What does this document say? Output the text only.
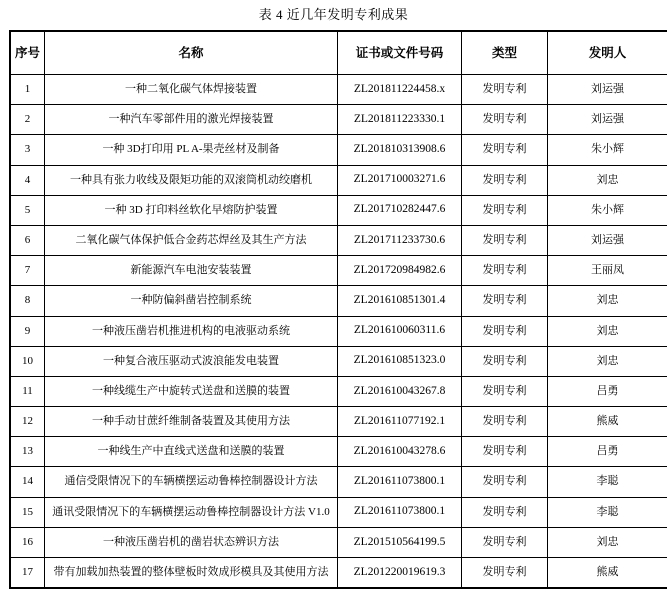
表 4 近几年发明专利成果
序号	名称	证书或文件号码	类型	发明人
1	一种二氧化碳气体焊接装置	ZL201811224458.x	发明专利	刘运强
2	一种汽车零部件用的激光焊接装置	ZL201811223330.1	发明专利	刘运强
3	一种 3D打印用 PL A-果壳丝材及制备	ZL201810313908.6	发明专利	朱小辉
4	一种具有张力收线及限矩功能的双滚筒机动绞磨机	ZL201710003271.6	发明专利	刘忠
5	一种 3D 打印料丝软化早熔防护装置	ZL201710282447.6	发明专利	朱小辉
6	二氧化碳气体保护低合金药芯焊丝及其生产方法	ZL201711233730.6	发明专利	刘运强
7	新能源汽车电池安装装置	ZL201720984982.6	发明专利	王丽凤
8	一种防偏斜凿岩控制系统	ZL201610851301.4	发明专利	刘忠
9	一种液压凿岩机推进机构的电液驱动系统	ZL201610060311.6	发明专利	刘忠
10	一种复合液压驱动式波浪能发电装置	ZL201610851323.0	发明专利	刘忠
11	一种线缆生产中旋转式送盘和送膜的装置	ZL201610043267.8	发明专利	吕勇
12	一种手动甘蔗纤维制备装置及其使用方法	ZL201611077192.1	发明专利	熊威
13	一种线生产中直线式送盘和送膜的装置	ZL201610043278.6	发明专利	吕勇
14	通信受限情况下的车辆横摆运动鲁棒控制器设计方法	ZL201611073800.1	发明专利	李聪
15	通讯受限情况下的车辆横摆运动鲁棒控制器设计方法 V1.0	ZL201611073800.1	发明专利	李聪
16	一种液压凿岩机的凿岩状态辨识方法	ZL201510564199.5	发明专利	刘忠
17	带有加载加热装置的整体壁板时效成形模具及其使用方法	ZL201220019619.3	发明专利	熊威
